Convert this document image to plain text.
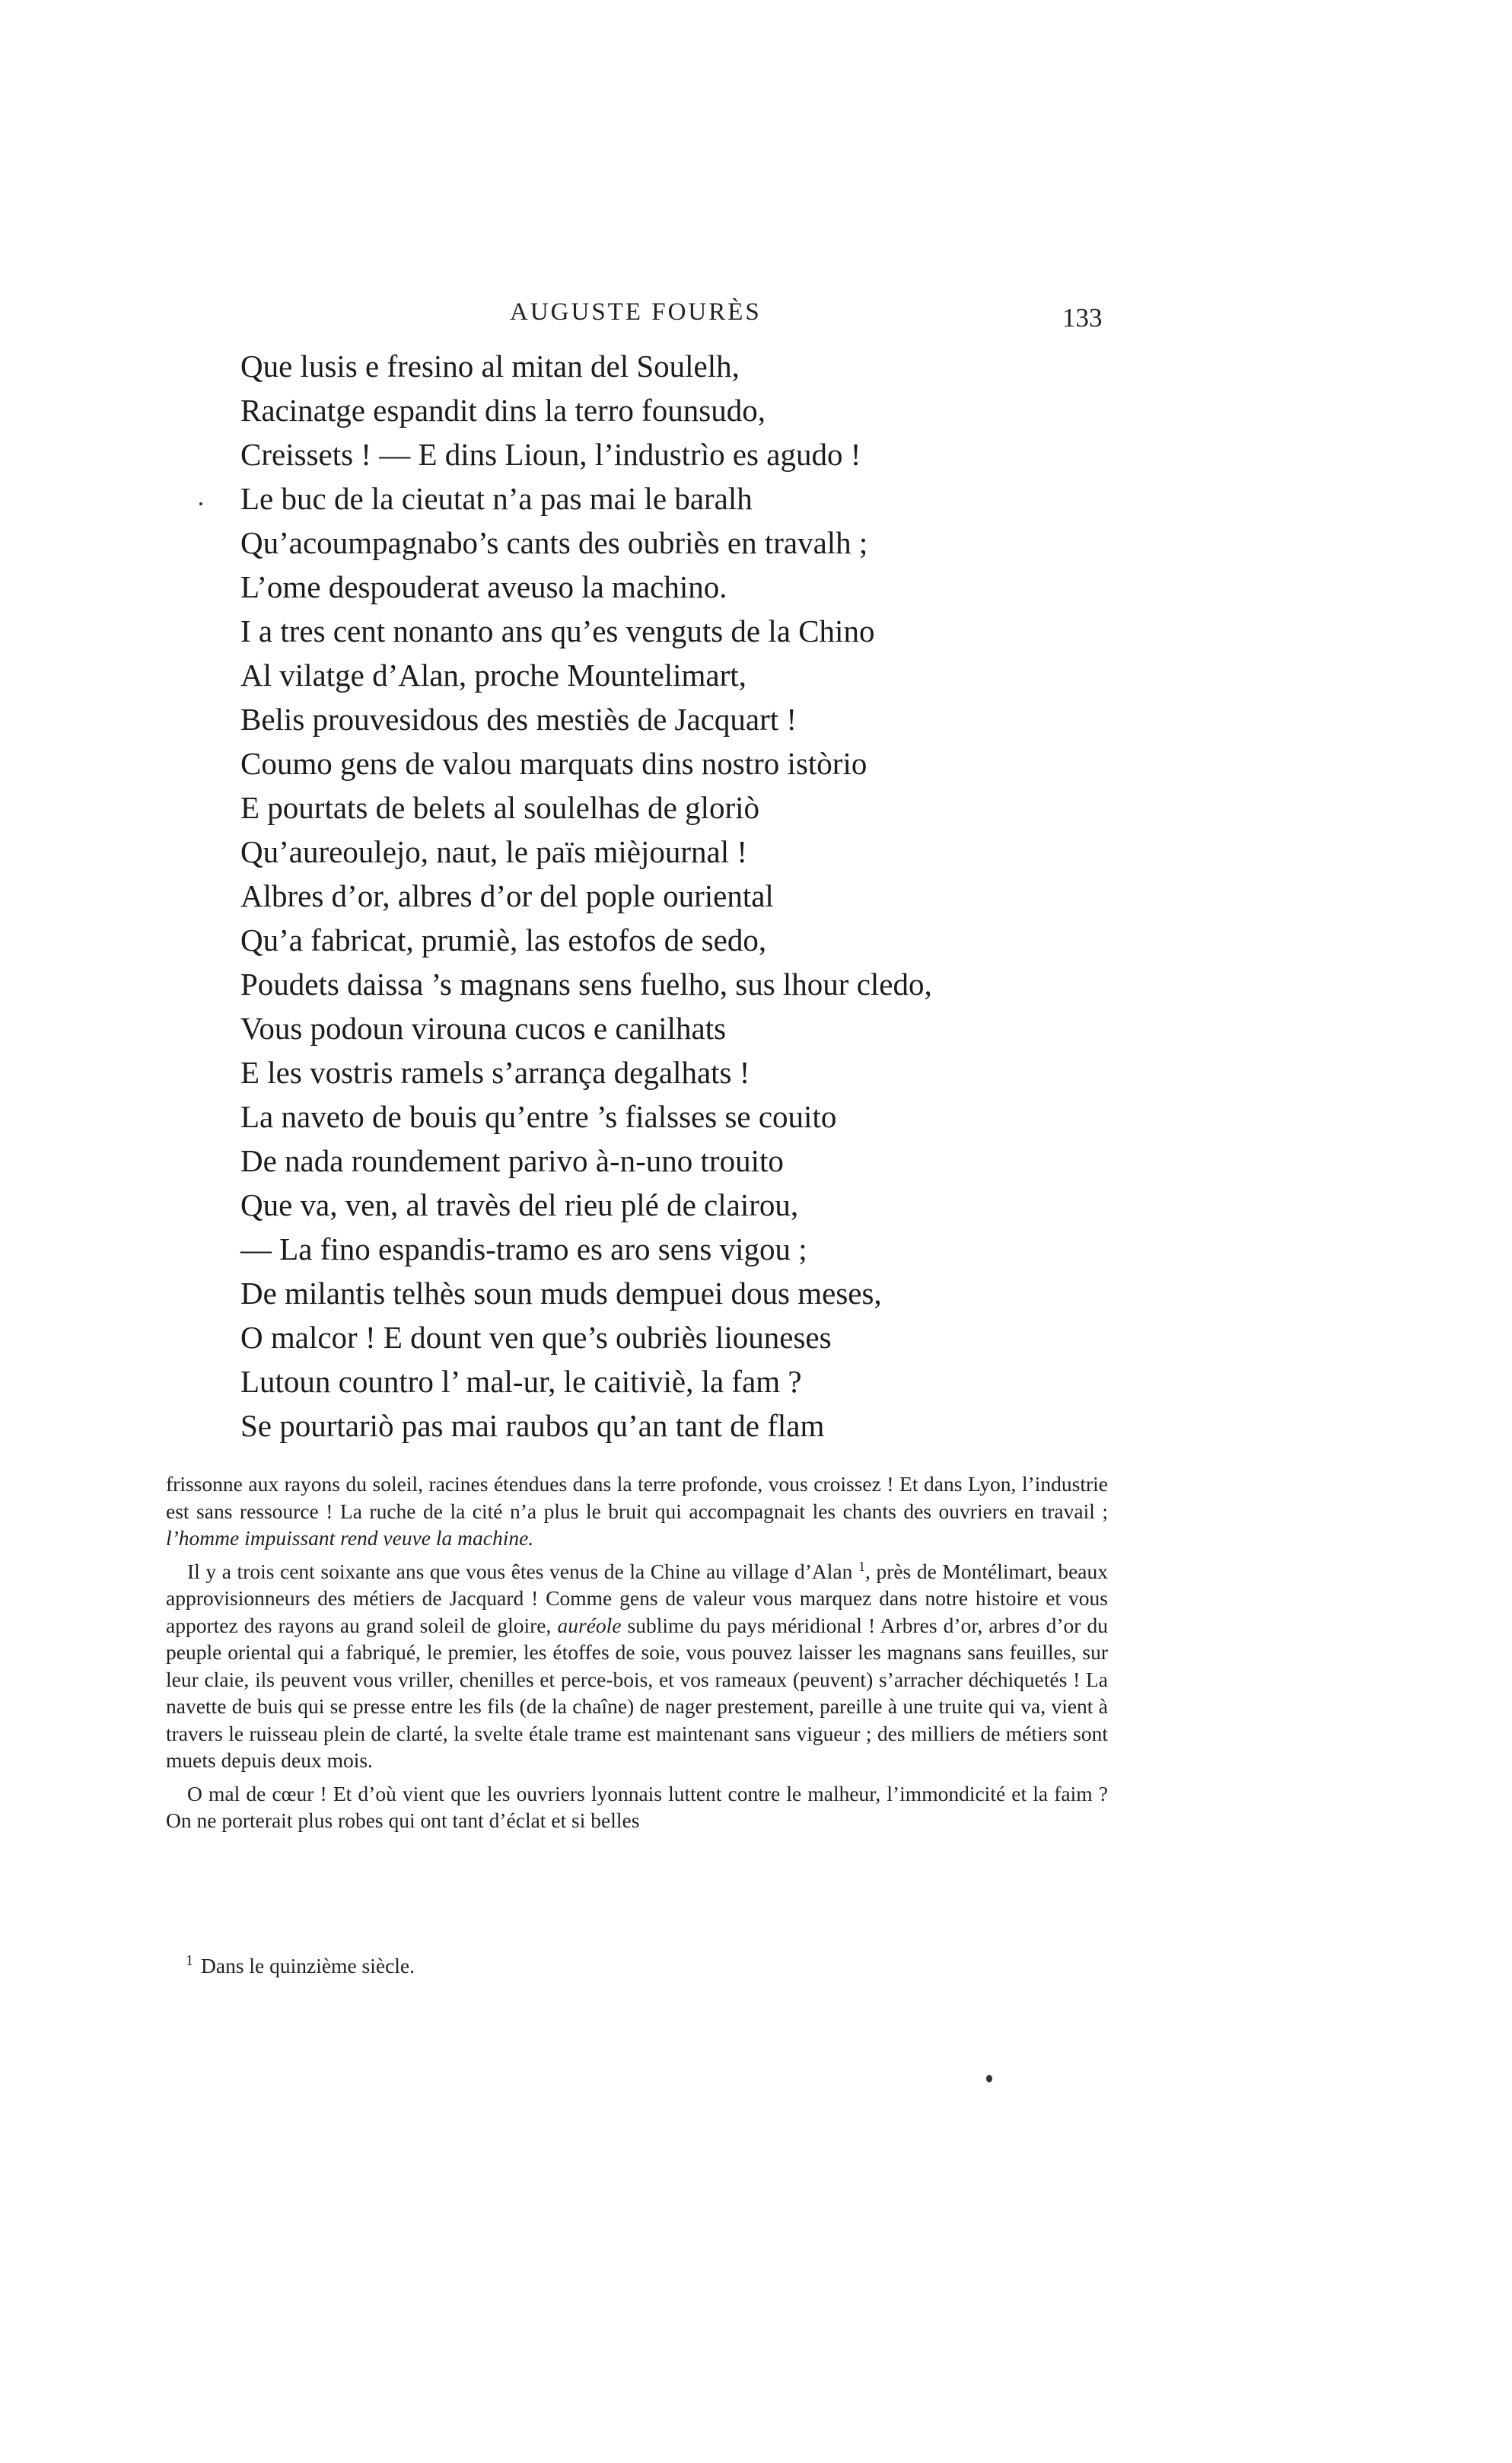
AUGUSTE FOURÈS	133
Que lusis e fresino al mitan del Soulelh,
Racinatge espandit dins la terro founsudo,
Creissets ! — E dins Lioun, l’industrìo es agudo !
Le buc de la cieutat n’a pas mai le baralh
Qu’acoumpagnabo’s cants des oubriès en travalh ;
L’ome despouderat aveuso la machino.
I a tres cent nonanto ans qu’es venguts de la Chino
Al vilatge d’Alan, proche Mountelimart,
Belis prouvesidous des mestiès de Jacquart !
Coumo gens de valou marquats dins nostro istòrio
E pourtats de belets al soulelhas de gloriò
Qu’aureoulejo, naut, le païs mièjournal !
Albres d’or, albres d’or del pople ouriental
Qu’a fabricat, prumiè, las estofos de sedo,
Poudets daissa ’s magnans sens fuelho, sus lhour cledo,
Vous podoun virouna cucos e canilhats
E les vostris ramels s’arrança degalhats !
La naveto de bouis qu’entre ’s fialsses se couito
De nada roundement parivo à-n-uno trouito
Que va, ven, al travès del rieu plé de clairou,
— La fino espandis-tramo es aro sens vigou ;
De milantis telhès soun muds dempuei dous meses,
O malcor ! E dount ven que’s oubriès liouneses
Lutoun countro l’ mal-ur, le caitiviè, la fam ?
Se pourtariò pas mai raubos qu’an tant de flam

frissonne aux rayons du soleil, racines étendues dans la terre profonde, vous croissez ! Et dans Lyon, l’industrie est sans ressource ! La ruche de la cité n’a plus le bruit qui accompagnait les chants des ouvriers en travail ; l’homme impuissant rend veuve la machine.

Il y a trois cent soixante ans que vous êtes venus de la Chine au village d’Alan $^1$, près de Montélimart, beaux approvisionneurs des métiers de Jacquard ! Comme gens de valeur vous marquez dans notre histoire et vous apportez des rayons au grand soleil de gloire, auréole sublime du pays méridional ! Arbres d’or, arbres d’or du peuple oriental qui a fabriqué, le premier, les étoffes de soie, vous pouvez laisser les magnans sans feuilles, sur leur claie, ils peuvent vous vriller, chenilles et perce-bois, et vos rameaux (peuvent) s’arracher déchiquetés ! La navette de buis qui se presse entre les fils (de la chaîne) de nager prestement, pareille à une truite qui va, vient à travers le ruisseau plein de clarté, la svelte étale trame est maintenant sans vigueur ; des milliers de métiers sont muets depuis deux mois.

O mal de cœur ! Et d’où vient que les ouvriers lyonnais luttent contre le malheur, l’immondicité et la faim ? On ne porterait plus robes qui ont tant d’éclat et si belles

$^1$ Dans le quinzième siècle.
